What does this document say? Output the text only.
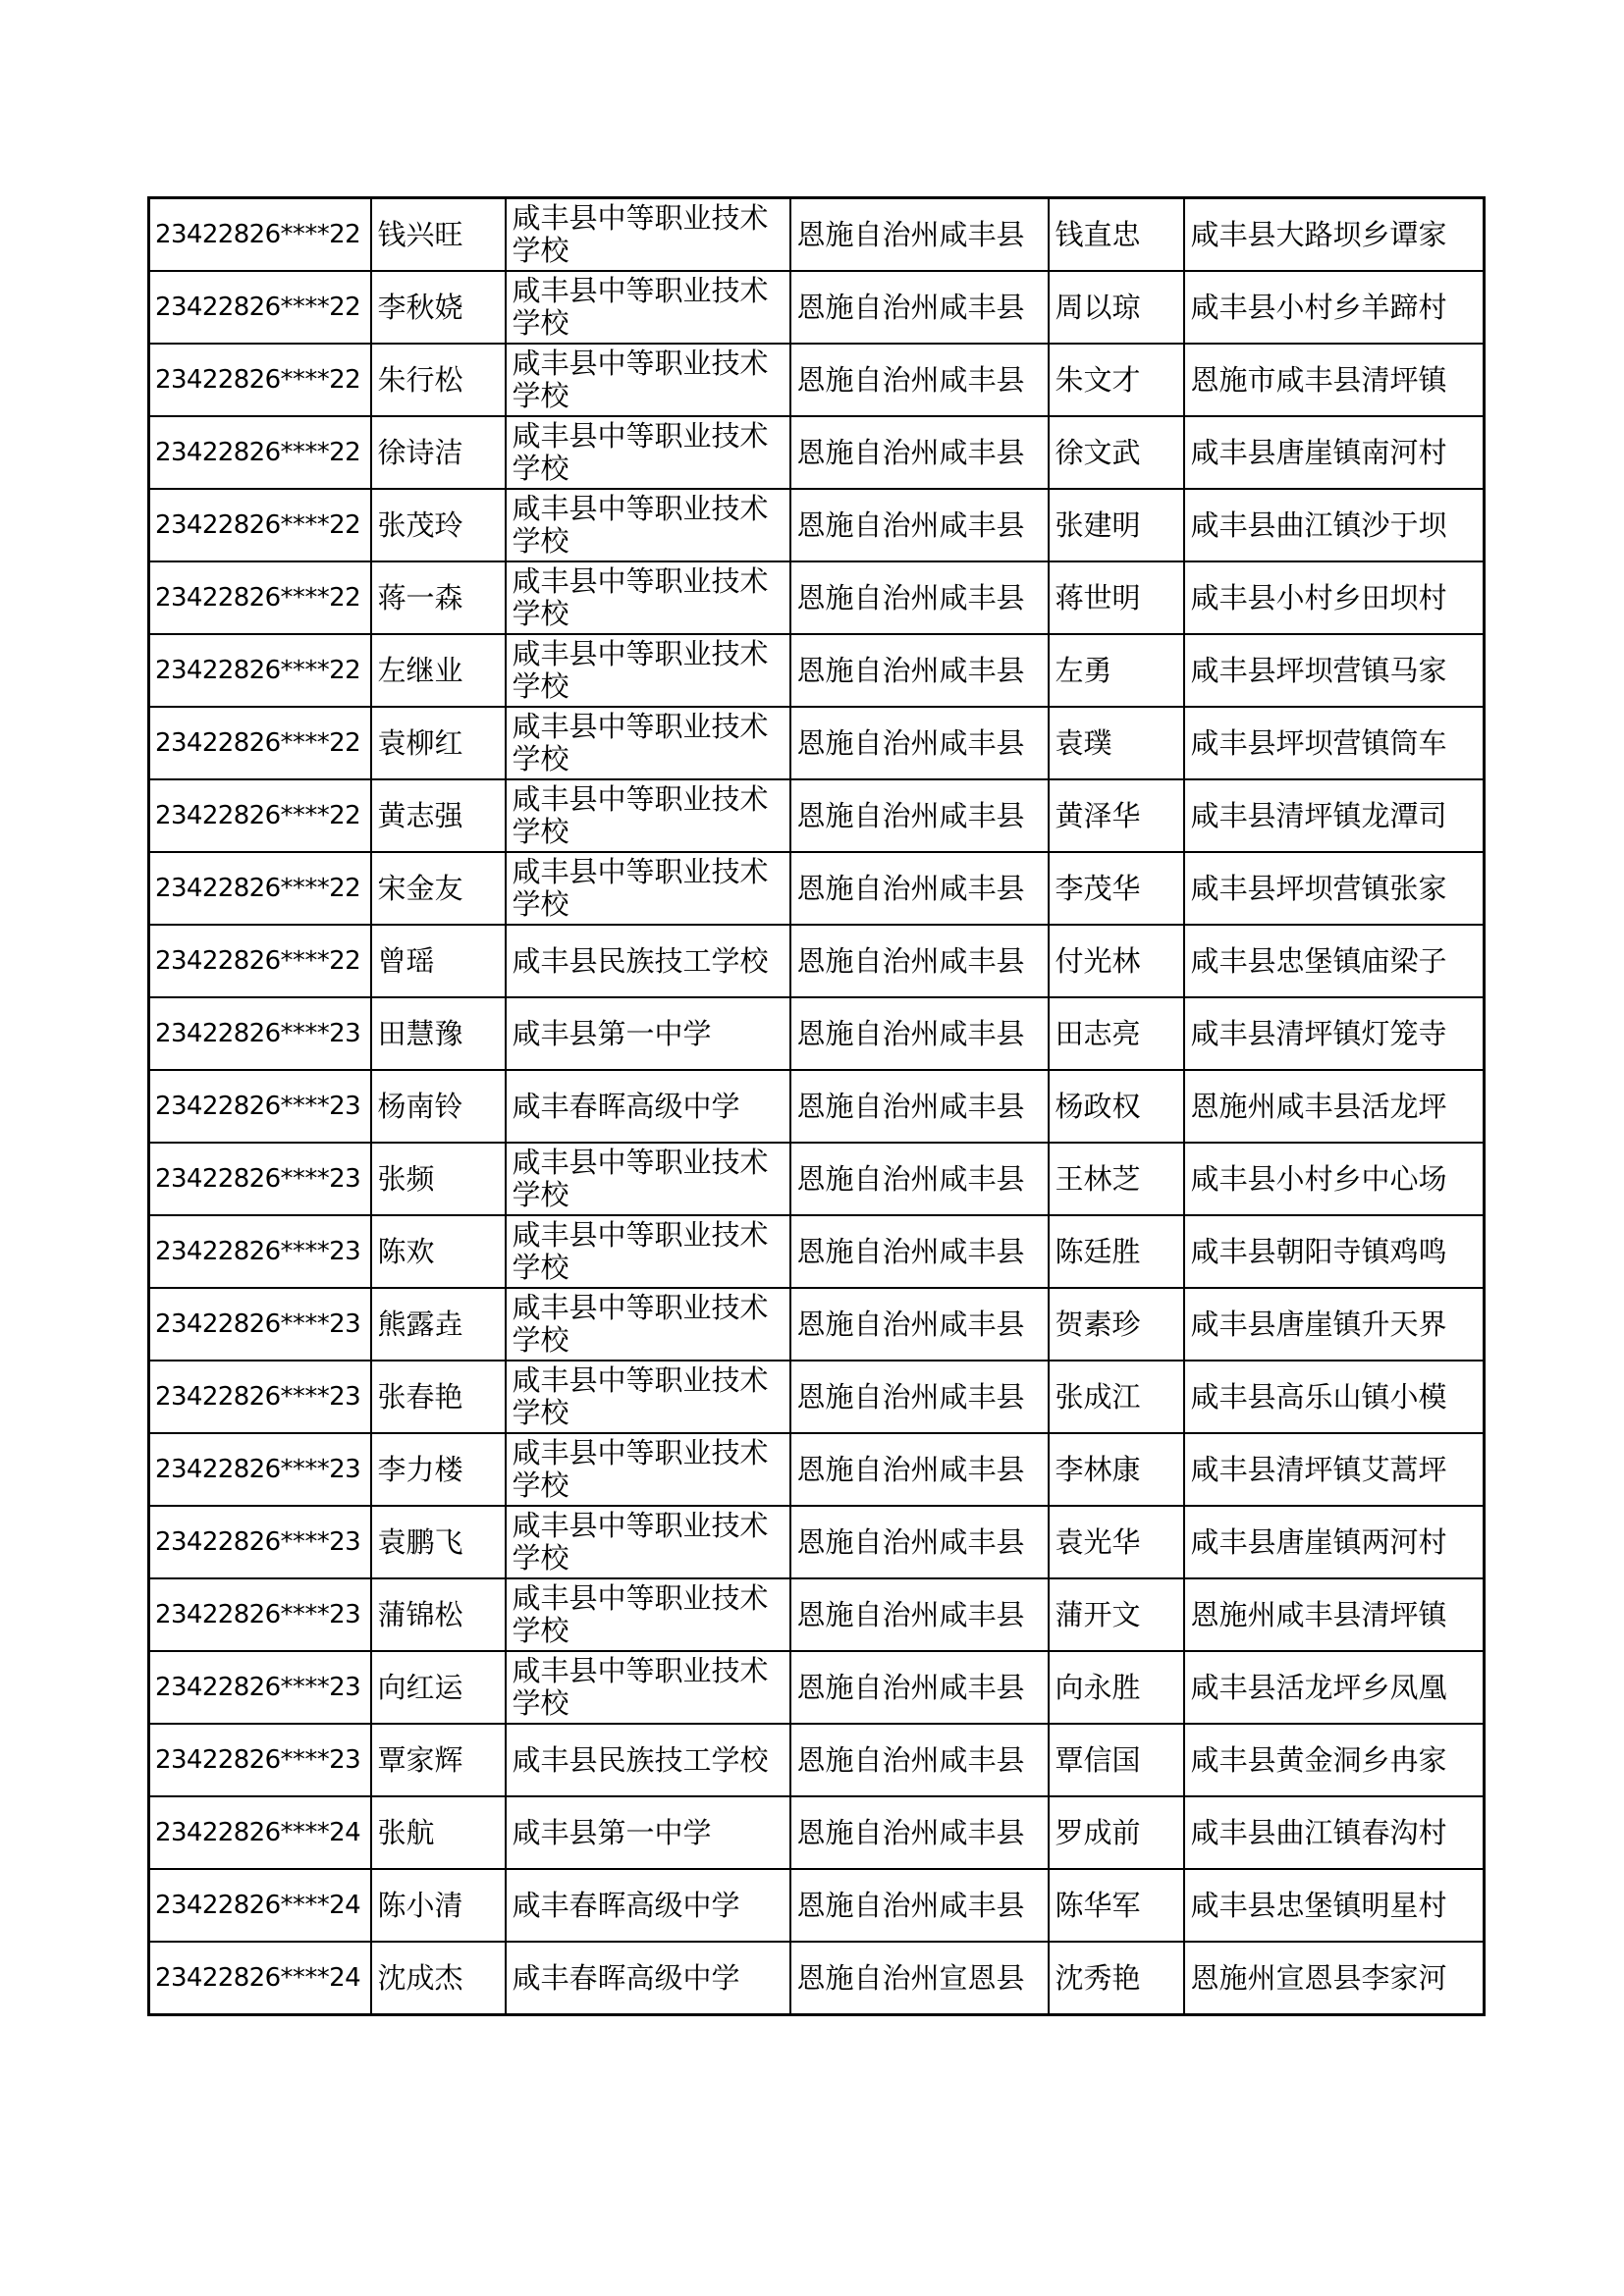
23422826****22	钱兴旺	咸丰县中等职业技术学校	恩施自治州咸丰县	钱直忠	咸丰县大路坝乡谭家
23422826****22	李秋娆	咸丰县中等职业技术学校	恩施自治州咸丰县	周以琼	咸丰县小村乡羊蹄村
23422826****22	朱行松	咸丰县中等职业技术学校	恩施自治州咸丰县	朱文才	恩施市咸丰县清坪镇
23422826****22	徐诗洁	咸丰县中等职业技术学校	恩施自治州咸丰县	徐文武	咸丰县唐崖镇南河村
23422826****22	张茂玲	咸丰县中等职业技术学校	恩施自治州咸丰县	张建明	咸丰县曲江镇沙于坝
23422826****22	蒋一森	咸丰县中等职业技术学校	恩施自治州咸丰县	蒋世明	咸丰县小村乡田坝村
23422826****22	左继业	咸丰县中等职业技术学校	恩施自治州咸丰县	左勇	咸丰县坪坝营镇马家
23422826****22	袁柳红	咸丰县中等职业技术学校	恩施自治州咸丰县	袁璞	咸丰县坪坝营镇筒车
23422826****22	黄志强	咸丰县中等职业技术学校	恩施自治州咸丰县	黄泽华	咸丰县清坪镇龙潭司
23422826****22	宋金友	咸丰县中等职业技术学校	恩施自治州咸丰县	李茂华	咸丰县坪坝营镇张家
23422826****22	曾瑶	咸丰县民族技工学校	恩施自治州咸丰县	付光林	咸丰县忠堡镇庙梁子
23422826****23	田慧豫	咸丰县第一中学	恩施自治州咸丰县	田志亮	咸丰县清坪镇灯笼寺
23422826****23	杨南铃	咸丰春晖高级中学	恩施自治州咸丰县	杨政权	恩施州咸丰县活龙坪
23422826****23	张频	咸丰县中等职业技术学校	恩施自治州咸丰县	王林芝	咸丰县小村乡中心场
23422826****23	陈欢	咸丰县中等职业技术学校	恩施自治州咸丰县	陈廷胜	咸丰县朝阳寺镇鸡鸣
23422826****23	熊露垚	咸丰县中等职业技术学校	恩施自治州咸丰县	贺素珍	咸丰县唐崖镇升天界
23422826****23	张春艳	咸丰县中等职业技术学校	恩施自治州咸丰县	张成江	咸丰县高乐山镇小模
23422826****23	李力楼	咸丰县中等职业技术学校	恩施自治州咸丰县	李林康	咸丰县清坪镇艾蒿坪
23422826****23	袁鹏飞	咸丰县中等职业技术学校	恩施自治州咸丰县	袁光华	咸丰县唐崖镇两河村
23422826****23	蒲锦松	咸丰县中等职业技术学校	恩施自治州咸丰县	蒲开文	恩施州咸丰县清坪镇
23422826****23	向红运	咸丰县中等职业技术学校	恩施自治州咸丰县	向永胜	咸丰县活龙坪乡凤凰
23422826****23	覃家辉	咸丰县民族技工学校	恩施自治州咸丰县	覃信国	咸丰县黄金洞乡冉家
23422826****24	张航	咸丰县第一中学	恩施自治州咸丰县	罗成前	咸丰县曲江镇春沟村
23422826****24	陈小清	咸丰春晖高级中学	恩施自治州咸丰县	陈华军	咸丰县忠堡镇明星村
23422826****24	沈成杰	咸丰春晖高级中学	恩施自治州宣恩县	沈秀艳	恩施州宣恩县李家河
